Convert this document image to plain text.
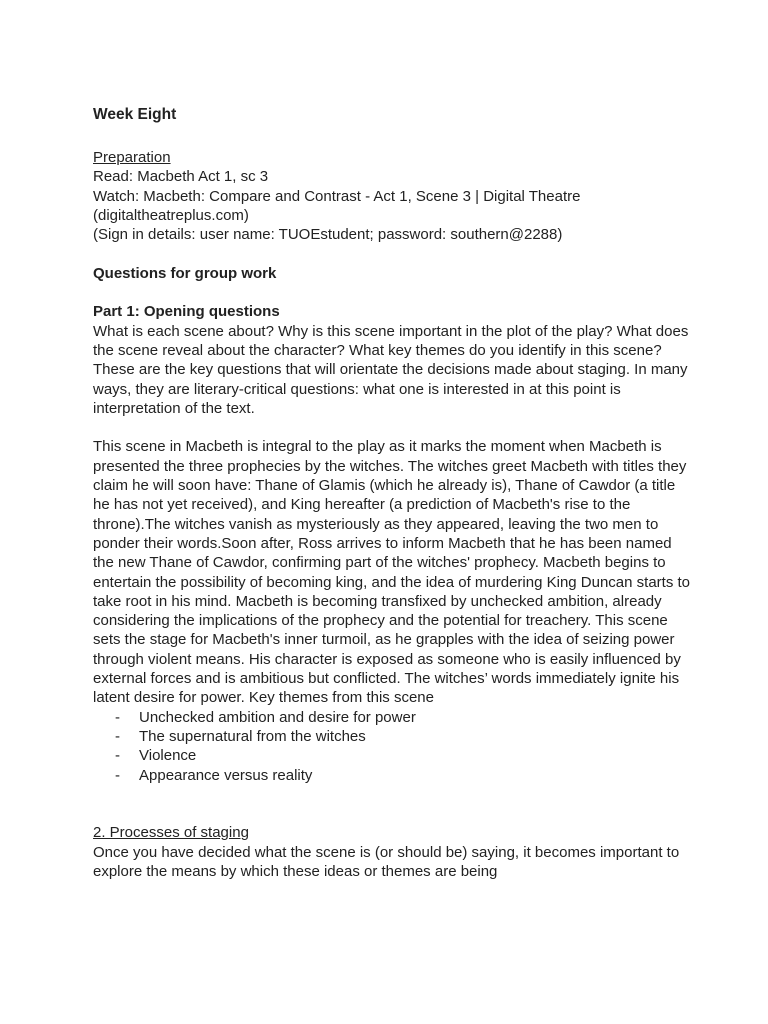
Week Eight

Preparation

Read: Macbeth Act 1, sc 3

Watch: Macbeth: Compare and Contrast - Act 1, Scene 3 | Digital Theatre

(digitaltheatreplus.com)

(Sign in details: user name: TUOEstudent; password: southern@2288)

Questions for group work

Part 1: Opening questions

What is each scene about? Why is this scene important in the plot of the play? What does the scene reveal about the character? What key themes do you identify in this scene? These are the key questions that will orientate the decisions made about staging. In many ways, they are literary-critical questions: what one is interested in at this point is interpretation of the text.

This scene in Macbeth is integral to the play as it marks the moment when Macbeth is presented the three prophecies by the witches. The witches greet Macbeth with titles they claim he will soon have: Thane of Glamis (which he already is), Thane of Cawdor (a title he has not yet received), and King hereafter (a prediction of Macbeth's rise to the throne).The witches vanish as mysteriously as they appeared, leaving the two men to ponder their words.Soon after, Ross arrives to inform Macbeth that he has been named the new Thane of Cawdor, confirming part of the witches' prophecy. Macbeth begins to entertain the possibility of becoming king, and the idea of murdering King Duncan starts to take root in his mind. Macbeth is becoming transfixed by unchecked ambition, already considering the implications of the prophecy and the potential for treachery. This scene sets the stage for Macbeth's inner turmoil, as he grapples with the idea of seizing power through violent means. His character is exposed as someone who is easily influenced by external forces and is ambitious but conflicted. The witches’ words immediately ignite his latent desire for power. Key themes from this scene

- Unchecked ambition and desire for power
- The supernatural from the witches
- Violence
- Appearance versus reality

2. Processes of staging

Once you have decided what the scene is (or should be) saying, it becomes important to explore the means by which these ideas or themes are being
